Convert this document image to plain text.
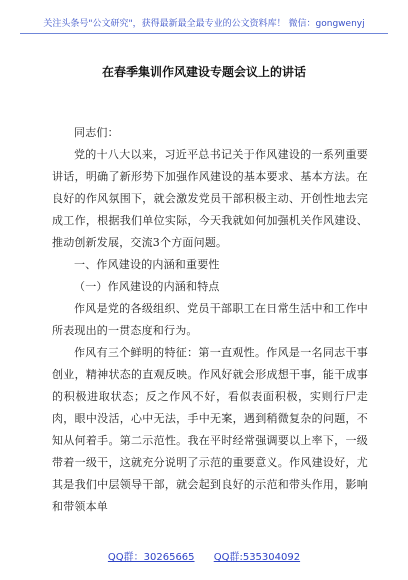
关注头条号"公文研究"，获得最新最全最专业的公文资料库！ 微信：gongwenyj
在春季集训作风建设专题会议上的讲话

同志们：

党的十八大以来，习近平总书记关于作风建设的一系列重要讲话，明确了新形势下加强作风建设的基本要求、基本方法。在良好的作风氛围下，就会激发党员干部积极主动、开创性地去完成工作，根据我们单位实际，今天我就如何加强机关作风建设、推动创新发展，交流3个方面问题。

一、作风建设的内涵和重要性

（一）作风建设的内涵和特点

作风是党的各级组织、党员干部职工在日常生活中和工作中所表现出的一贯态度和行为。

作风有三个鲜明的特征：第一直观性。作风是一名同志干事创业，精神状态的直观反映。作风好就会形成想干事，能干成事的积极进取状态；反之作风不好，看似表面积极，实则行尸走肉，眼中没活，心中无法，手中无案，遇到稍微复杂的问题，不知从何着手。第二示范性。我在平时经常强调要以上率下，一级带着一级干，这就充分说明了示范的重要意义。作风建设好，尤其是我们中层领导干部，就会起到良好的示范和带头作用，影响和带领本单

QQ群：30265665 QQ群:535304092
